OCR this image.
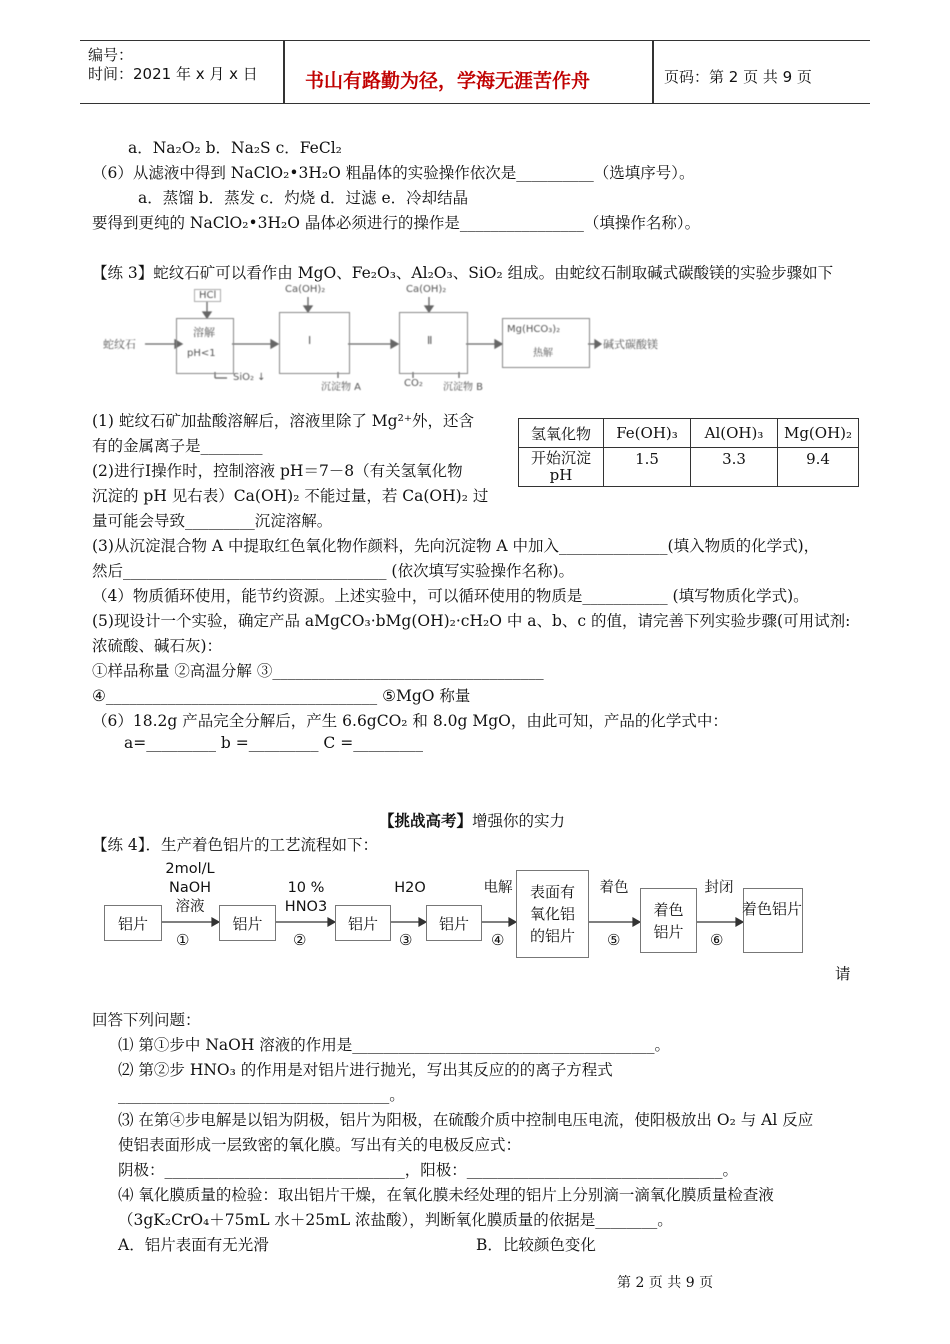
编号：
时间：2021 年 x 月 x 日 书山有路勤为径，学海无涯苦作舟	页码：第 2 页 共 9 页
a．Na₂O₂ b．Na₂S c．FeCl₂
（6）从滤液中得到 NaClO₂•3H₂O 粗晶体的实验操作依次是__________（选填序号）。
a．蒸馏 b．蒸发 c．灼烧 d．过滤 e．冷却结晶
要得到更纯的 NaClO₂•3H₂O 晶体必须进行的操作是________________（填操作名称）。
【练 3】蛇纹石矿可以看作由 MgO、Fe₂O₃、Al₂O₃、SiO₂ 组成。由蛇纹石制取碱式碳酸镁的实验步骤如下
蛇纹石
HCl
溶解
pH<1
SiO₂ ↓
Ca(OH)₂
Ⅰ
沉淀物 A
Ca(OH)₂
Ⅱ
CO₂ 沉淀物 B
Mg(HCO₃)₂
热解
碱式碳酸镁
(1) 蛇纹石矿加盐酸溶解后，溶液里除了 Mg²⁺外，还含
有的金属离子是________
(2)进行Ⅰ操作时，控制溶液 pH＝7－8（有关氢氧化物
沉淀的 pH 见右表）Ca(OH)₂ 不能过量，若 Ca(OH)₂ 过
量可能会导致_________沉淀溶解。
氢氧化物	Fe(OH)₃	Al(OH)₃	Mg(OH)₂
开始沉淀
pH	1.5	3.3	9.4
(3)从沉淀混合物 A 中提取红色氧化物作颜料，先向沉淀物 A 中加入______________(填入物质的化学式)，
然后__________________________________ (依次填写实验操作名称)。
（4）物质循环使用，能节约资源。上述实验中，可以循环使用的物质是___________ (填写物质化学式)。
(5)现设计一个实验，确定产品 aMgCO₃·bMg(OH)₂·cH₂O 中 a、b、c 的值，请完善下列实验步骤(可用试剂:
浓硫酸、碱石灰)：
①样品称量 ②高温分解 ③___________________________________
④___________________________________ ⑤MgO 称量
（6）18.2g 产品完全分解后，产生 6.6gCO₂ 和 8.0g MgO，由此可知，产品的化学式中：
a=_________ b =_________ C =_________
【挑战高考】增强你的实力
【练 4】．生产着色铝片的工艺流程如下：
铝片
2mol/L
NaOH
溶液
①
铝片
10 %
HNO3
②
铝片
H2O
③
铝片
电解
④
表面有
氧化铝
的铝片
着色
⑤
着色
铝片
封闭
⑥
着色铝片
请
回答下列问题：
⑴ 第①步中 NaOH 溶液的作用是_______________________________________。
⑵ 第②步 HNO₃ 的作用是对铝片进行抛光，写出其反应的的离子方程式
___________________________________。
⑶ 在第④步电解是以铝为阴极，铝片为阳极，在硫酸介质中控制电压电流，使阳极放出 O₂ 与 Al 反应
使铝表面形成一层致密的氧化膜。写出有关的电极反应式：
阴极：_______________________________，阳极：_________________________________。
⑷ 氧化膜质量的检验：取出铝片干燥，在氧化膜未经处理的铝片上分别滴一滴氧化膜质量检查液
（3gK₂CrO₄＋75mL 水＋25mL 浓盐酸），判断氧化膜质量的依据是________。
A．铝片表面有无光滑	B．比较颜色变化
第 2 页 共 9 页
